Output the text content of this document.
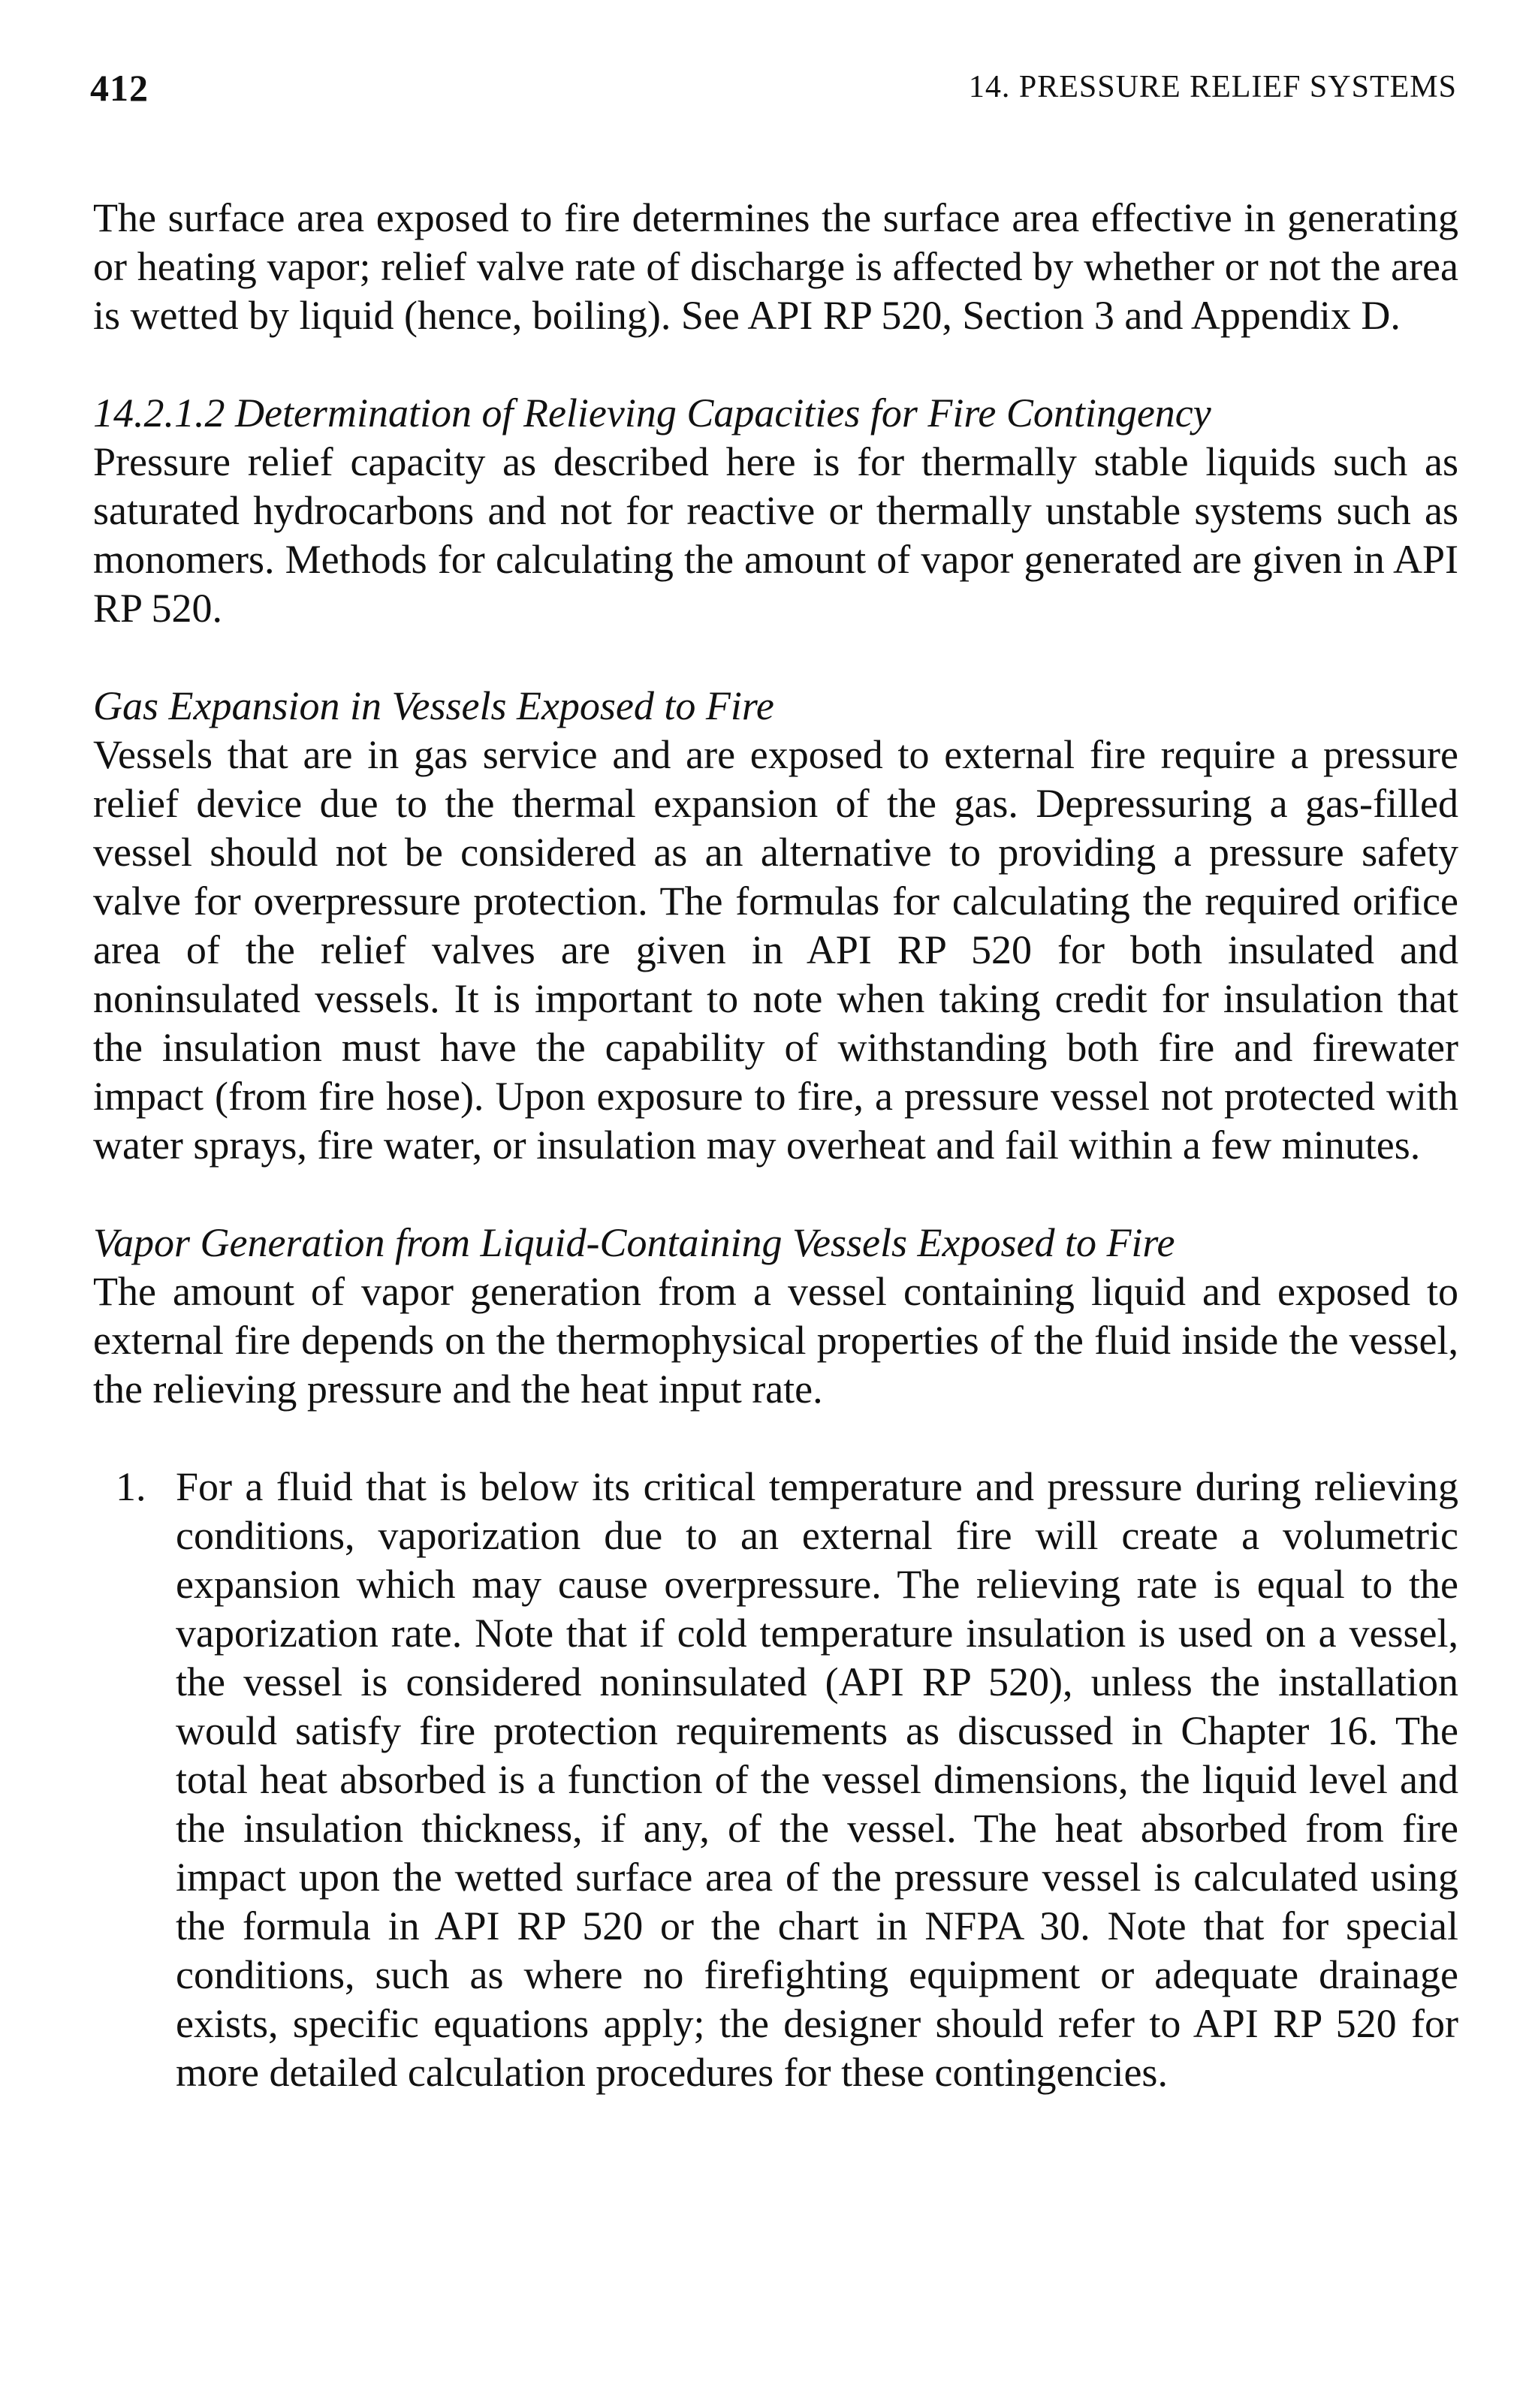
412	14. PRESSURE RELIEF SYSTEMS

The surface area exposed to fire determines the surface area effective in generating or heating vapor; relief valve rate of discharge is affected by whether or not the area is wetted by liquid (hence, boiling). See API RP 520, Section 3 and Appendix D.

14.2.1.2 Determination of Relieving Capacities for Fire Contingency

Pressure relief capacity as described here is for thermally stable liquids such as saturated hydrocarbons and not for reactive or thermally unstable systems such as monomers. Methods for calculating the amount of vapor generated are given in API RP 520.

Gas Expansion in Vessels Exposed to Fire

Vessels that are in gas service and are exposed to external fire require a pressure relief device due to the thermal expansion of the gas. Depressuring a gas-filled vessel should not be considered as an alternative to providing a pressure safety valve for overpressure protection. The formulas for calculating the required orifice area of the relief valves are given in API RP 520 for both insulated and noninsulated vessels. It is important to note when taking credit for insulation that the insulation must have the capability of withstanding both fire and firewater impact (from fire hose). Upon exposure to fire, a pressure vessel not protected with water sprays, fire water, or insulation may overheat and fail within a few minutes.

Vapor Generation from Liquid-Containing Vessels Exposed to Fire

The amount of vapor generation from a vessel containing liquid and exposed to external fire depends on the thermophysical properties of the fluid inside the vessel, the relieving pressure and the heat input rate.

1. For a fluid that is below its critical temperature and pressure during relieving conditions, vaporization due to an external fire will create a volumetric expansion which may cause overpressure. The relieving rate is equal to the vaporization rate. Note that if cold temperature insulation is used on a vessel, the vessel is considered noninsulated (API RP 520), unless the installation would satisfy fire protection requirements as discussed in Chapter 16. The total heat absorbed is a function of the vessel dimensions, the liquid level and the insulation thickness, if any, of the vessel. The heat absorbed from fire impact upon the wetted surface area of the pressure vessel is calculated using the formula in API RP 520 or the chart in NFPA 30. Note that for special conditions, such as where no firefighting equipment or adequate drainage exists, specific equations apply; the designer should refer to API RP 520 for more detailed calculation procedures for these contingencies.
